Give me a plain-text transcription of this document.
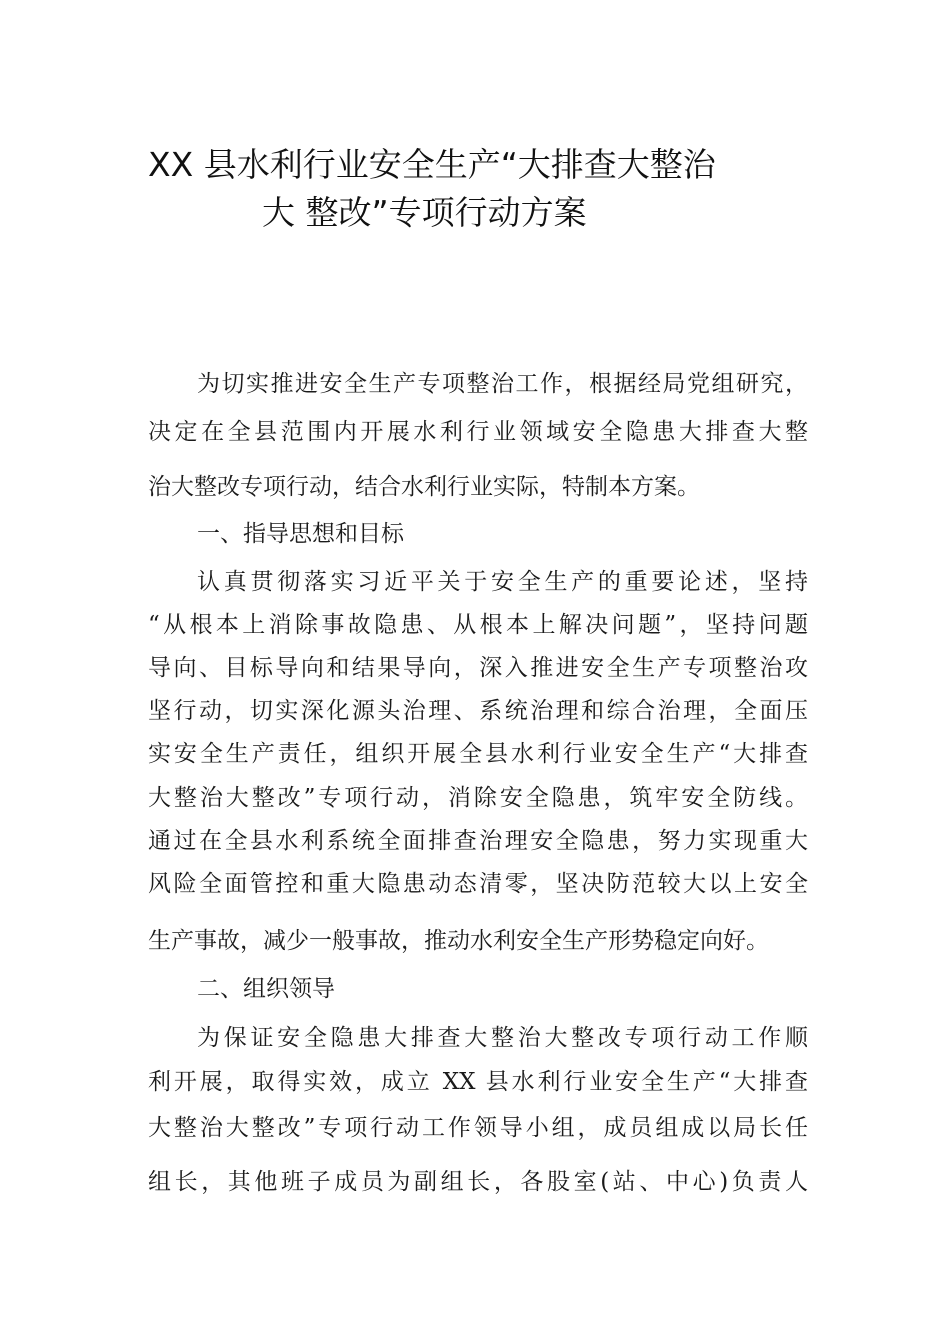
XX 县水利行业安全生产“大排查大整治
大 整改”专项行动方案
为切实推进安全生产专项整治工作，根据经局党组研究，
决定在全县范围内开展水利行业领域安全隐患大排查大整
治大整改专项行动，结合水利行业实际，特制本方案。
一、指导思想和目标
认真贯彻落实习近平关于安全生产的重要论述，坚持
“从根本上消除事故隐患、从根本上解决问题”，坚持问题
导向、目标导向和结果导向，深入推进安全生产专项整治攻
坚行动，切实深化源头治理、系统治理和综合治理，全面压
实安全生产责任，组织开展全县水利行业安全生产“大排查
大整治大整改”专项行动，消除安全隐患，筑牢安全防线。
通过在全县水利系统全面排查治理安全隐患，努力实现重大
风险全面管控和重大隐患动态清零，坚决防范较大以上安全
生产事故，减少一般事故，推动水利安全生产形势稳定向好。
二、组织领导
为保证安全隐患大排查大整治大整改专项行动工作顺
利开展，取得实效，成立 XX 县水利行业安全生产“大排查
大整治大整改”专项行动工作领导小组，成员组成以局长任
组长，其他班子成员为副组长，各股室(站、中心)负责人
